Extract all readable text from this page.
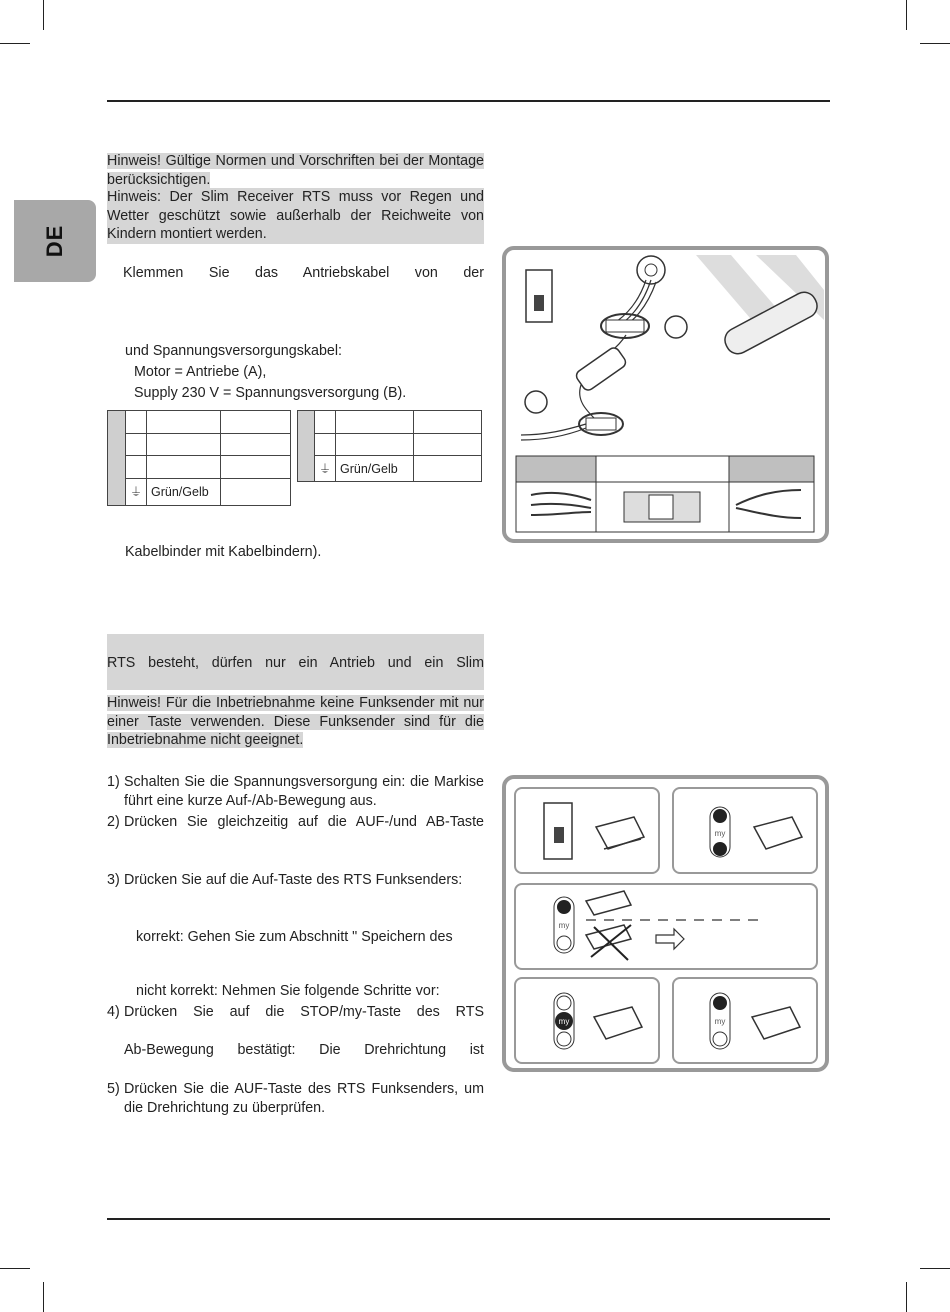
DE
Hinweis! Gültige Normen und Vorschriften bei der Montage berücksichtigen.
Hinweis: Der Slim Receiver RTS muss vor Regen und Wetter geschützt sowie außerhalb der Reichweite von Kindern montiert werden.
Klemmen Sie das Antriebskabel von der
und Spannungsversorgungskabel:
Motor = Antriebe (A),
Supply 230 V = Spannungsversorgung (B).

	⏚	Grün/Gelb	

	⏚	Grün/Gelb	
Kabelbinder mit Kabelbindern).
RTS besteht, dürfen nur ein Antrieb und ein Slim
Hinweis! Für die Inbetriebnahme keine Funksender mit nur einer Taste verwenden. Diese Funksender sind für die Inbetriebnahme nicht geeignet.
1) Schalten Sie die Spannungsversorgung ein: die Markise führt eine kurze Auf-/Ab-Bewegung aus.
2) Drücken Sie gleichzeitig auf die AUF-/und AB-Taste
3) Drücken Sie auf die Auf-Taste des RTS Funksenders:
korrekt: Gehen Sie zum Abschnitt " Speichern des
nicht korrekt: Nehmen Sie folgende Schritte vor:
4) Drücken Sie auf die STOP/my-Taste des RTS
Ab-Bewegung bestätigt: Die Drehrichtung ist
5) Drücken Sie die AUF-Taste des RTS Funksenders, um die Drehrichtung zu überprüfen.
my
my
my	my
